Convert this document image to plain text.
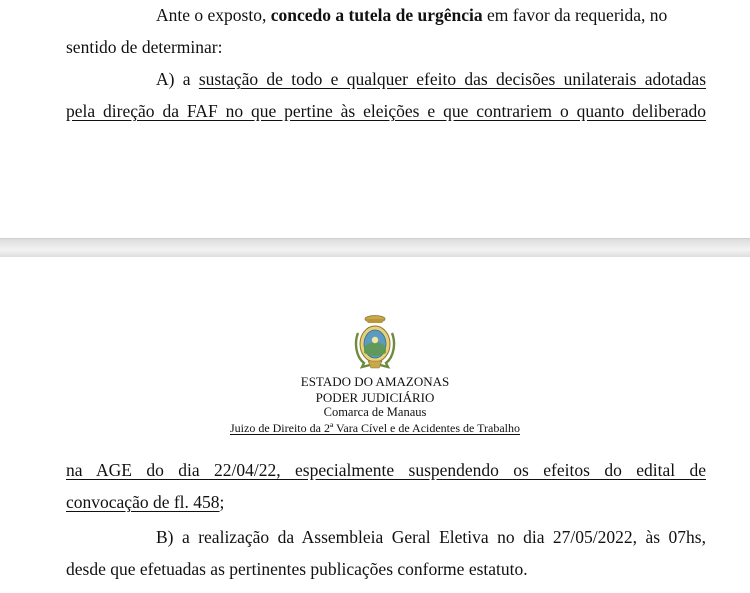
Ante o exposto, concedo a tutela de urgência em favor da requerida, no
sentido de determinar:
A) a sustação de todo e qualquer efeito das decisões unilaterais adotadas
pela direção da FAF no que pertine às eleições e que contrariem o quanto deliberado
ESTADO DO AMAZONAS
PODER JUDICIÁRIO
Comarca de Manaus
Juizo de Direito da 2ª Vara Cível e de Acidentes de Trabalho
na AGE do dia 22/04/22, especialmente suspendendo os efeitos do edital de
convocação de fl. 458;
B) a realização da Assembleia Geral Eletiva no dia 27/05/2022, às 07hs,
desde que efetuadas as pertinentes publicações conforme estatuto.
